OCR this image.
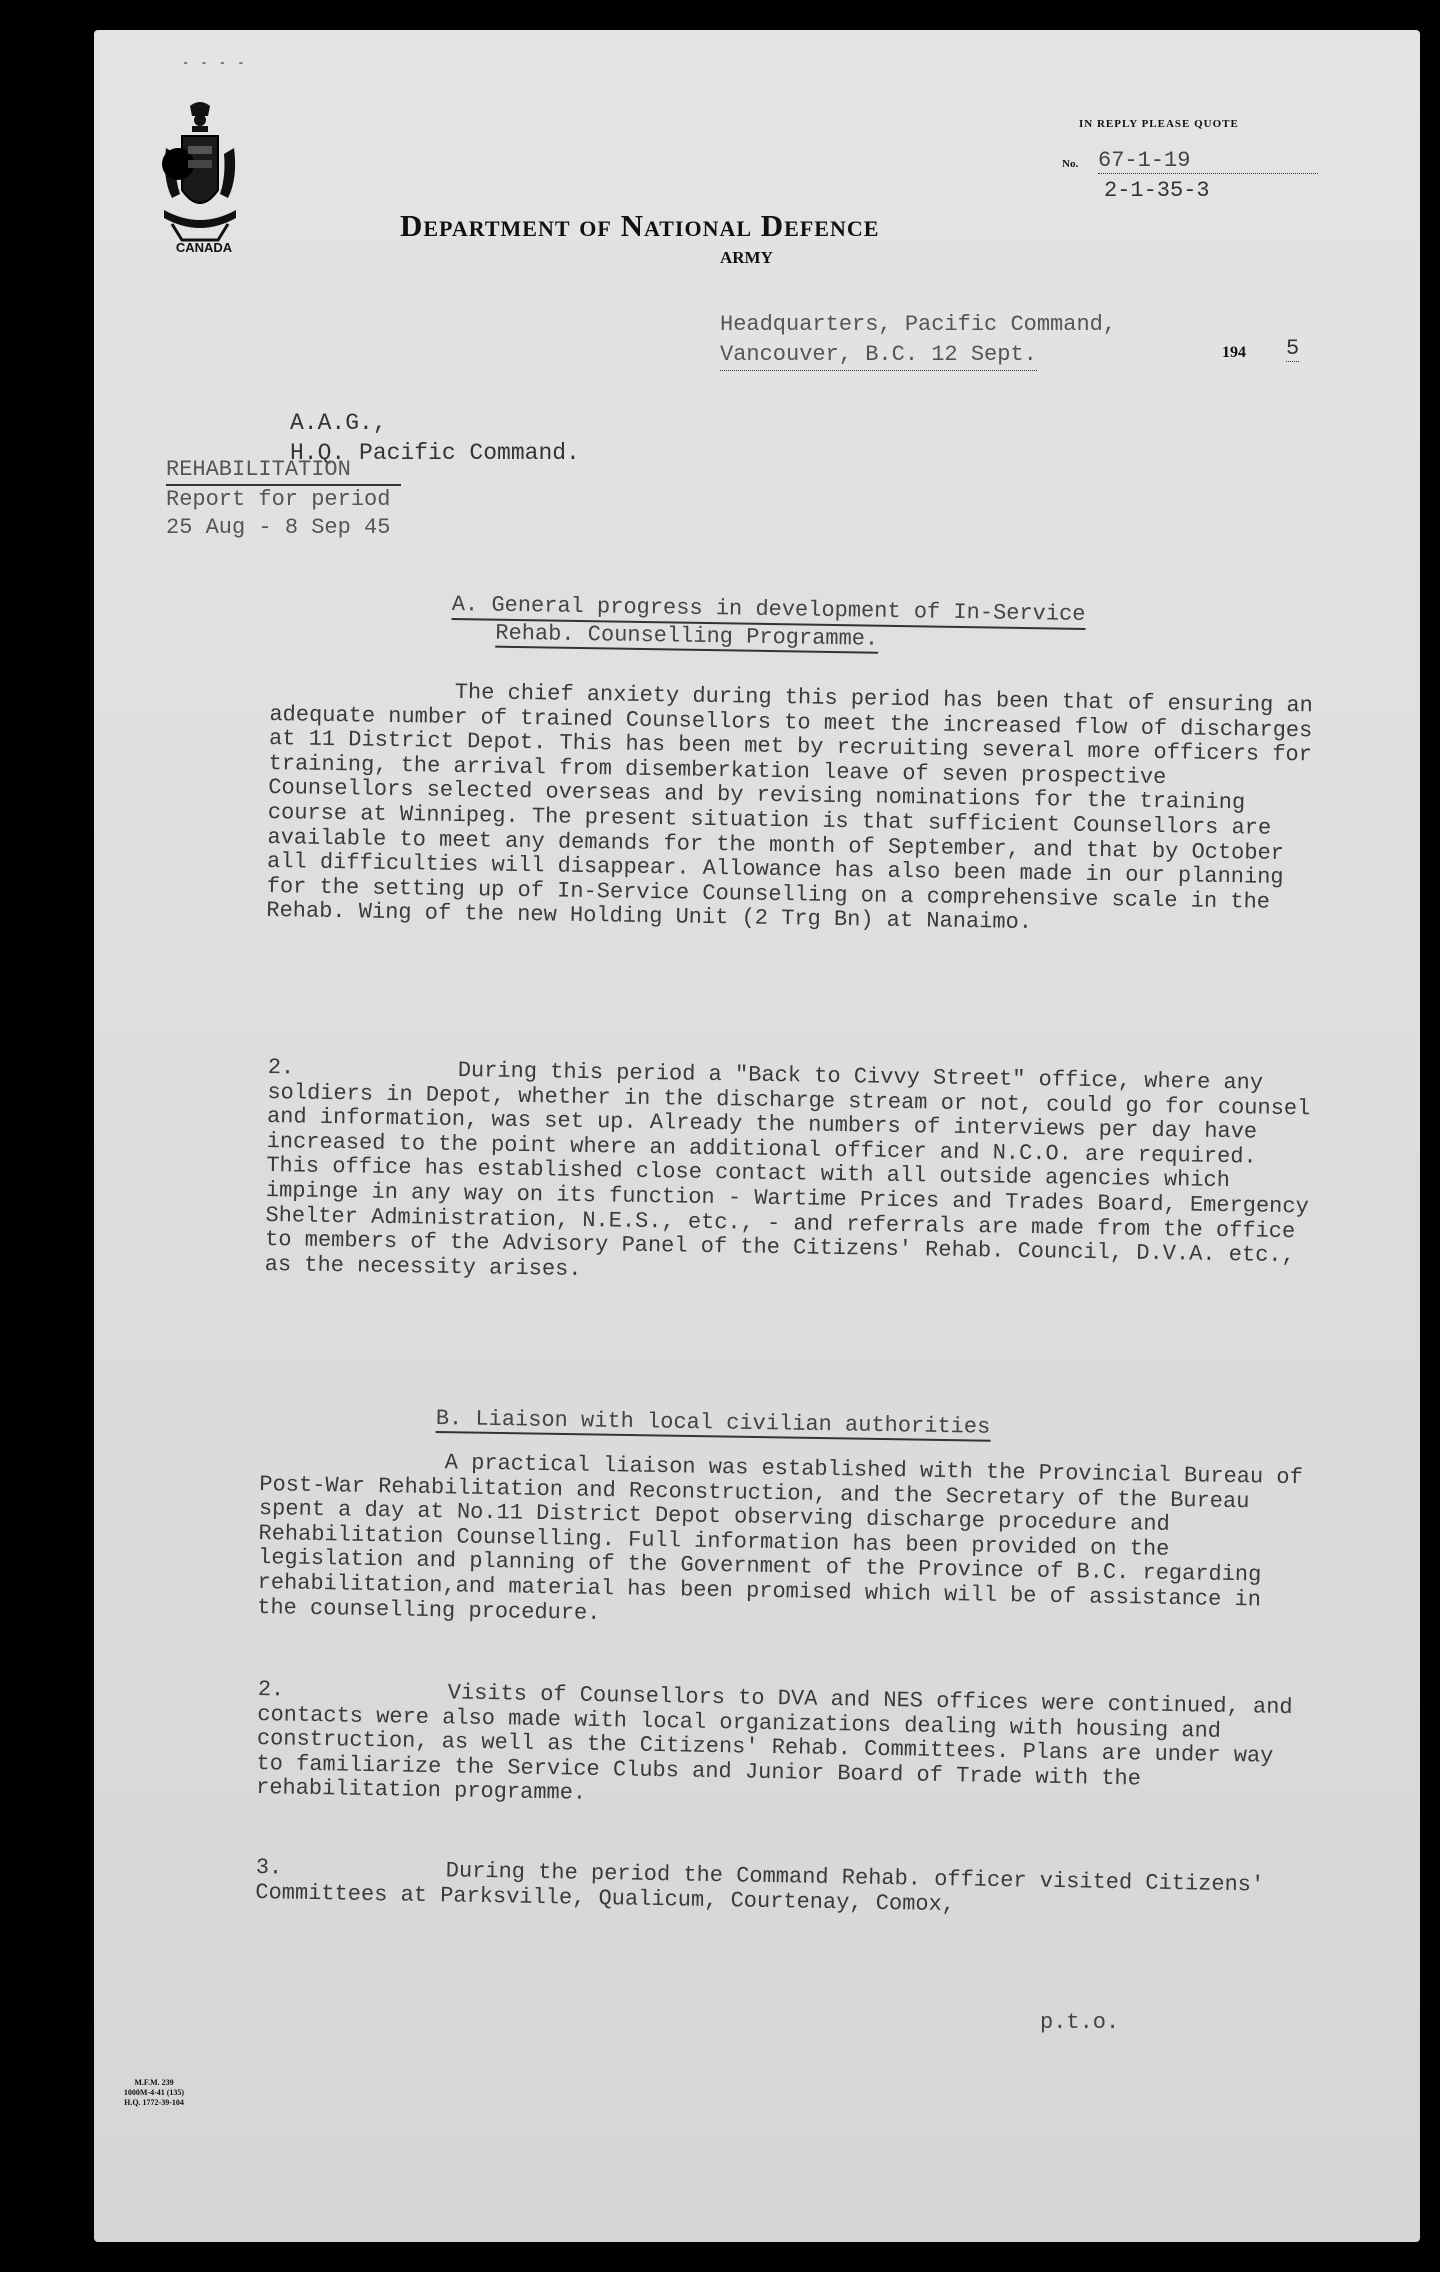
- - - -
CANADA
IN REPLY PLEASE QUOTE
No. 67-1-19
2-1-35-3
Department of National Defence
ARMY
Headquarters, Pacific Command,
Vancouver, B.C. 12 Sept.	194 5
A.A.G.,
H.Q. Pacific Command.
REHABILITATION
Report for period
25 Aug - 8 Sep 45
A. General progress in development of In-Service
Rehab. Counselling Programme.

The chief anxiety during this period has been that of ensuring an adequate number of trained Counsellors to meet the increased flow of discharges at 11 District Depot. This has been met by recruiting several more officers for training, the arrival from disemberkation leave of seven prospective Counsellors selected overseas and by revising nominations for the training course at Winnipeg. The present situation is that sufficient Counsellors are available to meet any demands for the month of September, and that by October all difficulties will disappear. Allowance has also been made in our planning for the setting up of In-Service Counselling on a comprehensive scale in the Rehab. Wing of the new Holding Unit (2 Trg Bn) at Nanaimo.

2.	During this period a "Back to Civvy Street" office, where any soldiers in Depot, whether in the discharge stream or not, could go for counsel and information, was set up. Already the numbers of interviews per day have increased to the point where an additional officer and N.C.O. are required. This office has established close contact with all outside agencies which impinge in any way on its function - Wartime Prices and Trades Board, Emergency Shelter Administration, N.E.S., etc., - and referrals are made from the office to members of the Advisory Panel of the Citizens' Rehab. Council, D.V.A. etc., as the necessity arises.

B. Liaison with local civilian authorities

A practical liaison was established with the Provincial Bureau of Post-War Rehabilitation and Reconstruction, and the Secretary of the Bureau spent a day at No.11 District Depot observing discharge procedure and Rehabilitation Counselling. Full information has been provided on the legislation and planning of the Government of the Province of B.C. regarding rehabilitation,and material has been promised which will be of assistance in the counselling procedure.

2.	Visits of Counsellors to DVA and NES offices were continued, and contacts were also made with local organizations dealing with housing and construction, as well as the Citizens' Rehab. Committees. Plans are under way to familiarize the Service Clubs and Junior Board of Trade with the rehabilitation programme.

3.	During the period the Command Rehab. officer visited Citizens' Committees at Parksville, Qualicum, Courtenay, Comox,

p.t.o.
M.F.M. 239
1000M-4-41 (135)
H.Q. 1772-39-104
